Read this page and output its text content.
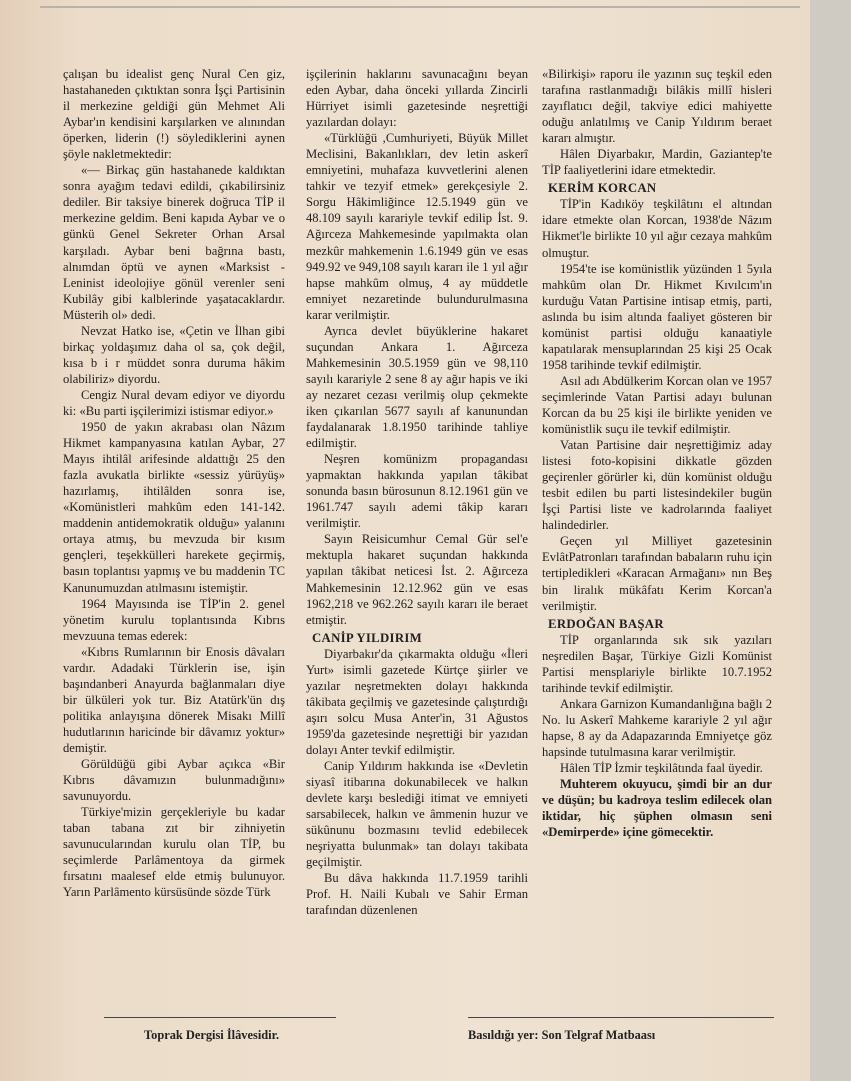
çalışan bu idealist genç Nural Cen giz, hastahaneden çıktıktan sonra İşçi Partisinin il merkezine geldiği gün Mehmet Ali Aybar'ın kendisini karşılarken ve alınından öperken, liderin (!) söylediklerini aynen şöyle nakletmektedir:

«— Birkaç gün hastahanede kaldıktan sonra ayağım tedavi edildi, çıkabilirsiniz dediler. Bir taksiye binerek doğruca TİP il merkezine geldim. Beni kapıda Aybar ve o günkü Genel Sekreter Orhan Arsal karşıladı. Aybar beni bağrına bastı, alnımdan öptü ve aynen «Marksist - Leninist ideolojiye gönül verenler seni Kubilây gibi kalblerinde yaşatacaklardır. Müsterih ol» dedi.

Nevzat Hatko ise, «Çetin ve İlhan gibi birkaç yoldaşımız daha ol sa, çok değil, kısa b i r müddet sonra duruma hâkim olabiliriz» diyordu.

Cengiz Nural devam ediyor ve diyordu ki: «Bu parti işçilerimizi istismar ediyor.»

1950 de yakın akrabası olan Nâzım Hikmet kampanyasına katılan Aybar, 27 Mayıs ihtilâl arifesinde aldattığı 25 den fazla avukatla birlikte «sessiz yürüyüş» hazırlamış, ihtilâlden sonra ise, «Komünistleri mahkûm eden 141-142. maddenin antidemokratik olduğu» yalanını ortaya atmış, bu mevzuda bir kısım gençleri, teşekkülleri harekete geçirmiş, basın toplantısı yapmış ve bu maddenin TC Kanunumuzdan atılmasını istemiştir.

1964 Mayısında ise TİP'in 2. genel yönetim kurulu toplantısında Kıbrıs mevzuuna temas ederek:

«Kıbrıs Rumlarının bir Enosis dâvaları vardır. Adadaki Türklerin ise, işin başındanberi Anayurda bağlanmaları diye bir ülküleri yok tur. Biz Atatürk'ün dış politika anlayışına dönerek Misakı Millî hudutlarının haricinde bir dâvamız yoktur» demiştir.

Görüldüğü gibi Aybar açıkca «Bir Kıbrıs dâvamızın bulunmadığını» savunuyordu.

Türkiye'mizin gerçekleriyle bu kadar taban tabana zıt bir zihniyetin savunucularından kurulu olan TİP, bu seçimlerde Parlâmentoya da girmek fırsatını maalesef elde etmiş bulunuyor. Yarın Parlâmento kürsüsünde sözde Türk

işçilerinin haklarını savunacağını beyan eden Aybar, daha önceki yıllarda Zincirli Hürriyet isimli gazetesinde neşrettiği yazılardan dolayı:

«Türklüğü ,Cumhuriyeti, Büyük Millet Meclisini, Bakanlıkları, dev letin askerî emniyetini, muhafaza kuvvetlerini alenen tahkir ve tezyif etmek» gerekçesiyle 2. Sorgu Hâkimliğince 12.5.1949 gün ve 48.109 sayılı karariyle tevkif edilip İst. 9. Ağırceza Mahkemesinde yapılmakta olan mezkûr mahkemenin 1.6.1949 gün ve esas 949.92 ve 949,108 sayılı kararı ile 1 yıl ağır hapse mahkûm olmuş, 4 ay müddetle emniyet nezaretinde bulundurulmasına karar verilmiştir.

Ayrıca devlet büyüklerine hakaret suçundan Ankara 1. Ağırceza Mahkemesinin 30.5.1959 gün ve 98,110 sayılı karariyle 2 sene 8 ay ağır hapis ve iki ay nezaret cezası verilmiş olup çekmekte iken çıkarılan 5677 sayılı af kanunundan faydalanarak 1.8.1950 tarihinde tahliye edilmiştir.

Neşren komünizm propagandası yapmaktan hakkında yapılan tâkibat sonunda basın bürosunun 8.12.1961 gün ve 1961.747 sayılı ademi tâkip kararı verilmiştir.

Sayın Reisicumhur Cemal Gür sel'e mektupla hakaret suçundan hakkında yapılan tâkibat neticesi İst. 2. Ağırceza Mahkemesinin 12.12.962 gün ve esas 1962,218 ve 962.262 sayılı kararı ile beraet etmiştir.

CANİP YILDIRIM

Diyarbakır'da çıkarmakta olduğu «İleri Yurt» isimli gazetede Kürtçe şiirler ve yazılar neşretmekten dolayı hakkında tâkibata geçilmiş ve gazetesinde çalıştırdığı aşırı solcu Musa Anter'in, 31 Ağustos 1959'da gazetesinde neşrettiği bir yazıdan dolayı Anter tevkif edilmiştir.

Canip Yıldırım hakkında ise «Devletin siyasî itibarına dokunabilecek ve halkın devlete karşı beslediği itimat ve emniyeti sarsabilecek, halkın ve âmmenin huzur ve sükûnunu bozmasını tevlid edebilecek neşriyatta bulunmak» tan dolayı takibata geçilmiştir.

Bu dâva hakkında 11.7.1959 tarihli Prof. H. Naili Kubalı ve Sahir Erman tarafından düzenlenen

«Bilirkişi» raporu ile yazının suç teşkil eden tarafına rastlanmadığı bilâkis millî hisleri zayıflatıcı değil, takviye edici mahiyette oduğu anlatılmış ve Canip Yıldırım beraet kararı almıştır.

Hâlen Diyarbakır, Mardin, Gaziantep'te TİP faaliyetlerini idare etmektedir.

KERİM KORCAN

TİP'in Kadıköy teşkilâtını el altından idare etmekte olan Korcan, 1938'de Nâzım Hikmet'le birlikte 10 yıl ağır cezaya mahkûm olmuştur.

1954'te ise komünistlik yüzünden 1 5yıla mahkûm olan Dr. Hikmet Kıvılcım'ın kurduğu Vatan Partisine intisap etmiş, parti, aslında bu isim altında faaliyet gösteren bir komünist partisi olduğu kanaatiyle kapatılarak mensuplarından 25 kişi 25 Ocak 1958 tarihinde tevkif edilmiştir.

Asıl adı Abdülkerim Korcan olan ve 1957 seçimlerinde Vatan Partisi adayı bulunan Korcan da bu 25 kişi ile birlikte yeniden ve komünistlik suçu ile tevkif edilmiştir.

Vatan Partisine dair neşrettiğimiz aday listesi foto-kopisini dikkatle gözden geçirenler görürler ki, dün komünist olduğu tesbit edilen bu parti listesindekiler bugün İşçi Partisi liste ve kadrolarında faaliyet halindedirler.

Geçen yıl Milliyet gazetesinin EvlâtPatronları tarafından babaların ruhu için tertipledikleri «Karacan Armağanı» nın Beş bin liralık mükâfatı Kerim Korcan'a verilmiştir.

ERDOĞAN BAŞAR

TİP organlarında sık sık yazıları neşredilen Başar, Türkiye Gizli Komünist Partisi mensplariyle birlikte 10.7.1952 tarihinde tevkif edilmiştir.

Ankara Garnizon Kumandanlığına bağlı 2 No. lu Askerî Mahkeme karariyle 2 yıl ağır hapse, 8 ay da Adapazarında Emniyetçe göz hapsinde tutulmasına karar verilmiştir.

Hâlen TİP İzmir teşkilâtında faal üyedir.

Muhterem okuyucu, şimdi bir an dur ve düşün; bu kadroya teslim edilecek olan iktidar, hiç şüphen olmasın seni «Demirperde» içine gömecektir.

Toprak Dergisi İlâvesidir.	Basıldığı yer: Son Telgraf Matbaası
